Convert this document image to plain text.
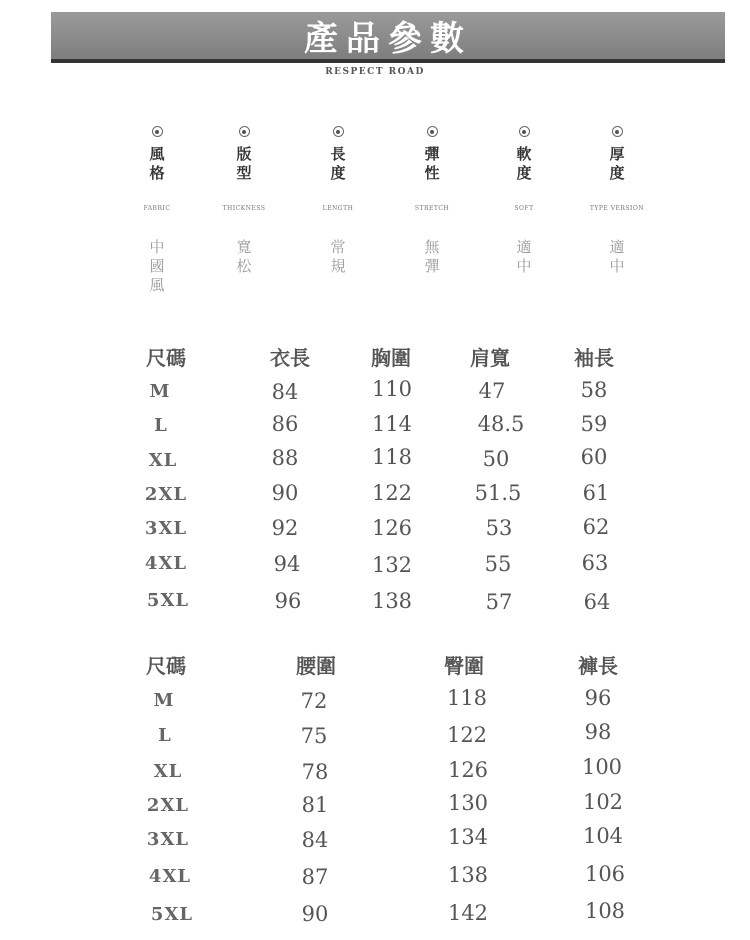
產品參數
RESPECT ROAD

風格
FABRIC
中國風

版型
THICKNESS
寬松

長度
LENGTH
常規

彈性
STRETCH
無彈

軟度
SOFT
適中

厚度
TYPE VERSION
適中
尺碼	衣長	胸圍	肩寬	袖長
M	84	110	47	58
L	86	114	48.5	59
XL	88	118	50	60
2XL	90	122	51.5	61
3XL	92	126	53	62
4XL	94	132	55	63
5XL	96	138	57	64
尺碼	腰圍	臀圍	褲長
M	72	118	96
L	75	122	98
XL	78	126	100
2XL	81	130	102
3XL	84	134	104
4XL	87	138	106
5XL	90	142	108
